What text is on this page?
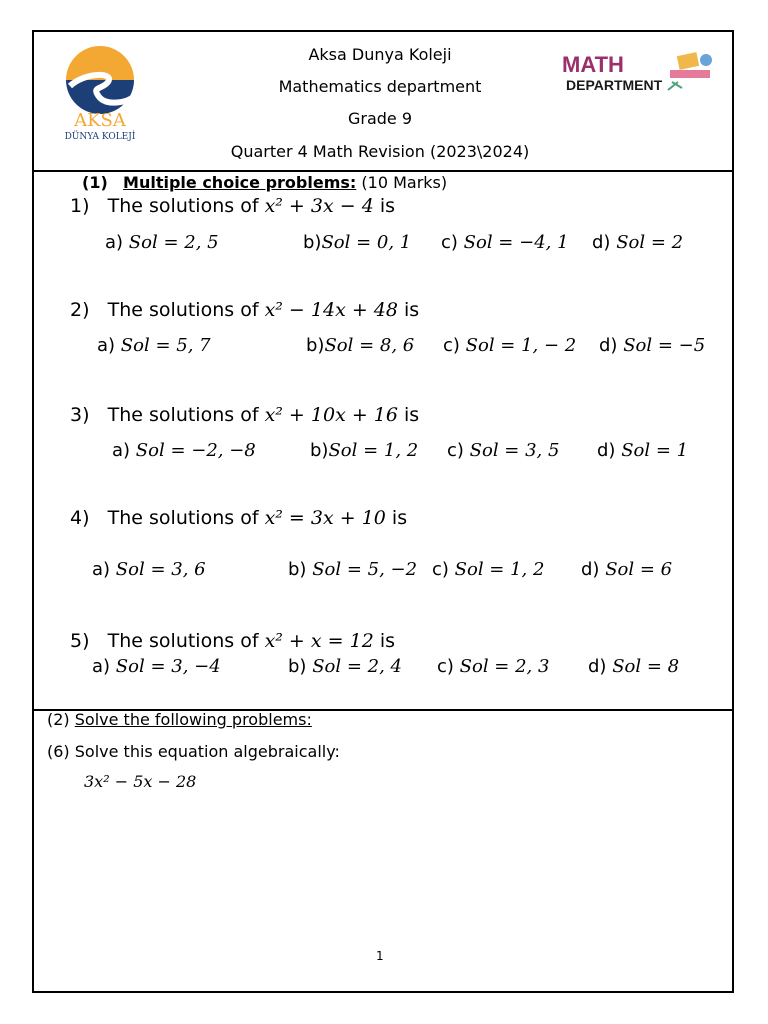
AKSA
DÜNYA KOLEJİ
MATH
DEPARTMENT
Aksa Dunya Koleji
Mathematics department
Grade 9
Quarter 4 Math Revision (2023\2024)
(1) Multiple choice problems: (10 Marks)
1) The solutions of x² + 3x − 4 is
a) Sol = 2, 5	b)Sol = 0, 1 c) Sol = −4, 1 d) Sol = 2
2) The solutions of x² − 14x + 48 is
a) Sol = 5, 7	b)Sol = 8, 6 c) Sol = 1, − 2 d) Sol = −5
3) The solutions of x² + 10x + 16 is
a) Sol = −2, −8	b)Sol = 1, 2 c) Sol = 3, 5 d) Sol = 1
4) The solutions of x² = 3x + 10 is
a) Sol = 3, 6	b) Sol = 5, −2 c) Sol = 1, 2 d) Sol = 6
5) The solutions of x² + x = 12 is
a) Sol = 3, −4	b) Sol = 2, 4 c) Sol = 2, 3 d) Sol = 8
(2) Solve the following problems:
(6) Solve this equation algebraically:
3x² − 5x − 28
1
